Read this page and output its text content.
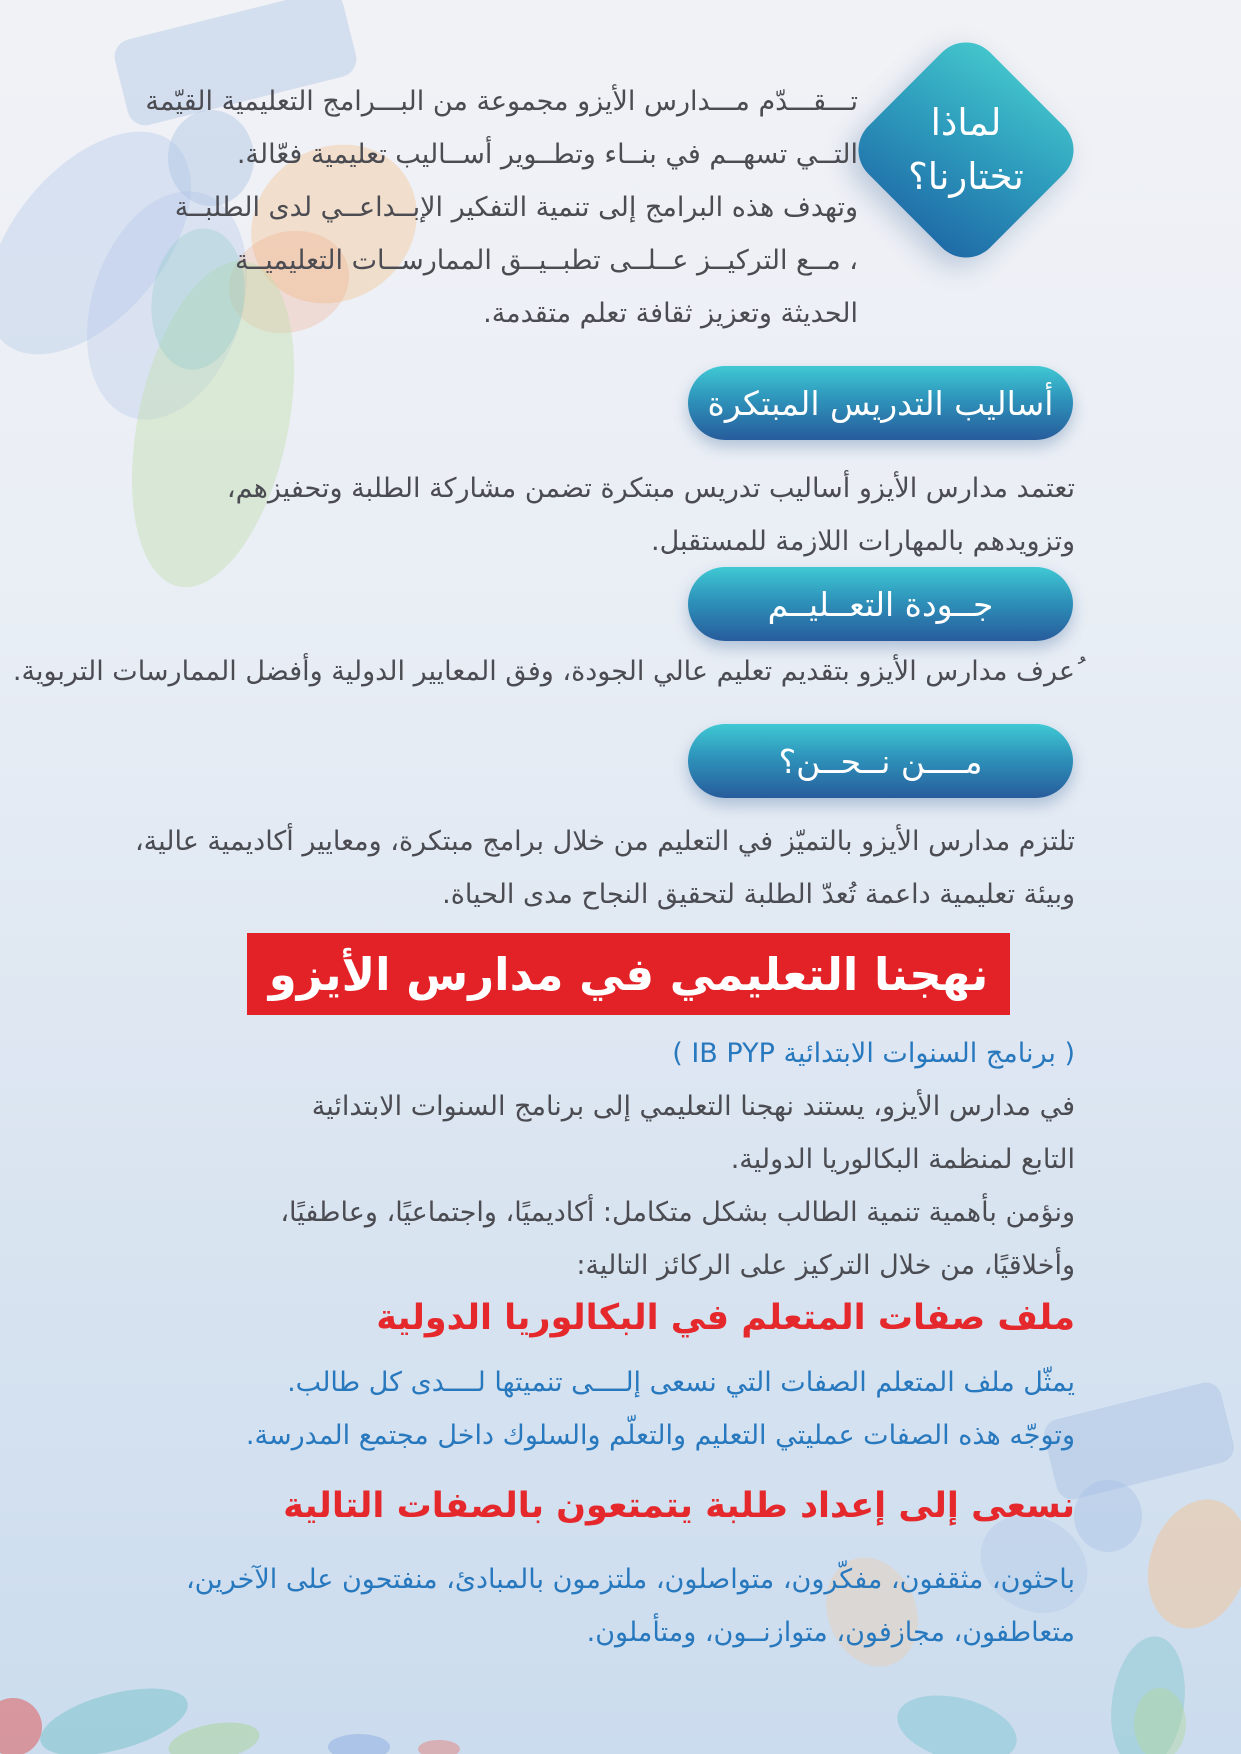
لماذا
تختارنا؟
تـــقـــدّم مـــدارس الأيزو مجموعة من البـــرامج التعليمية القيّمة
التــي تسهــم في بنــاء وتطــوير أســاليب تعليمية فعّالة.
وتهدف هذه البرامج إلى تنمية التفكير الإبــداعــي لدى الطلبــة
، مــع التركيــز عــلــى تطبــيــق الممارســات التعليميــة
الحديثة وتعزيز ثقافة تعلم متقدمة.
أساليب التدريس المبتكرة
تعتمد مدارس الأيزو أساليب تدريس مبتكرة تضمن مشاركة الطلبة وتحفيزهم،
وتزويدهم بالمهارات اللازمة للمستقبل.
جــودة التعــليــم
ُعرف مدارس الأيزو بتقديم تعليم عالي الجودة، وفق المعايير الدولية وأفضل الممارسات التربوية.
مــــن نــحــن؟
تلتزم مدارس الأيزو بالتميّز في التعليم من خلال برامج مبتكرة، ومعايير أكاديمية عالية،
وبيئة تعليمية داعمة تُعدّ الطلبة لتحقيق النجاح مدى الحياة.
نهجنا التعليمي في مدارس الأيزو
( برنامج السنوات الابتدائية IB PYP )
في مدارس الأيزو، يستند نهجنا التعليمي إلى برنامج السنوات الابتدائية
التابع لمنظمة البكالوريا الدولية.
ونؤمن بأهمية تنمية الطالب بشكل متكامل: أكاديميًا، واجتماعيًا، وعاطفيًا،
وأخلاقيًا، من خلال التركيز على الركائز التالية:
ملف صفات المتعلم في البكالوريا الدولية
يمثّل ملف المتعلم الصفات التي نسعى إلــــى تنميتها لــــدى كل طالب.
وتوجّه هذه الصفات عمليتي التعليم والتعلّم والسلوك داخل مجتمع المدرسة.
نسعى إلى إعداد طلبة يتمتعون بالصفات التالية
باحثون، مثقفون، مفكّرون، متواصلون، ملتزمون بالمبادئ، منفتحون على الآخرين،
متعاطفون، مجازفون، متوازنــون، ومتأملون.
